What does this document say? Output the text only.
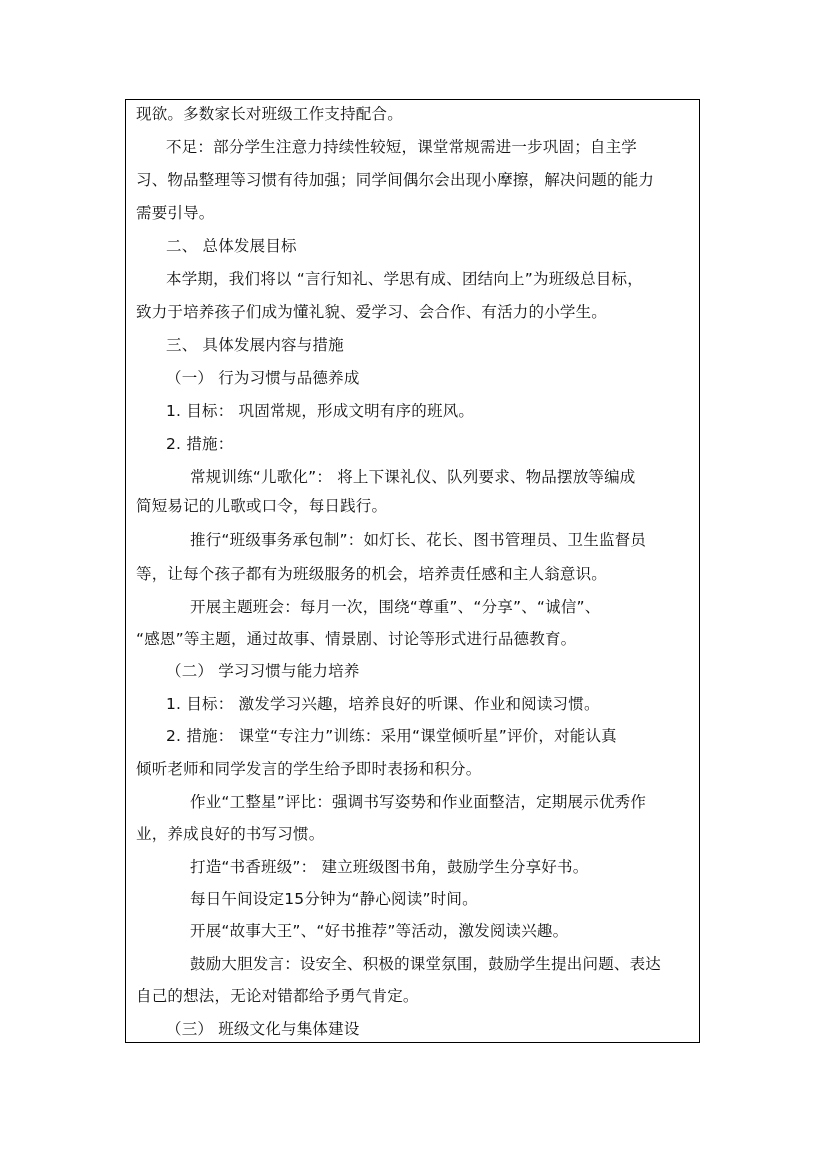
现欲。多数家长对班级工作支持配合。
不足：部分学生注意力持续性较短，课堂常规需进一步巩固；自主学
习、物品整理等习惯有待加强；同学间偶尔会出现小摩擦，解决问题的能力
需要引导。
二、 总体发展目标
本学期，我们将以 “言行知礼、学思有成、团结向上”为班级总目标，
致力于培养孩子们成为懂礼貌、爱学习、会合作、有活力的小学生。
三、 具体发展内容与措施
（一） 行为习惯与品德养成
1. 目标： 巩固常规，形成文明有序的班风。
2. 措施：
常规训练“儿歌化”： 将上下课礼仪、队列要求、物品摆放等编成
简短易记的儿歌或口令，每日践行。
推行“班级事务承包制”：如灯长、花长、图书管理员、卫生监督员
等，让每个孩子都有为班级服务的机会，培养责任感和主人翁意识。
开展主题班会：每月一次，围绕“尊重”、“分享”、“诚信”、
“感恩”等主题，通过故事、情景剧、讨论等形式进行品德教育。
（二） 学习习惯与能力培养
1. 目标： 激发学习兴趣，培养良好的听课、作业和阅读习惯。
2. 措施： 课堂“专注力”训练：采用“课堂倾听星”评价，对能认真
倾听老师和同学发言的学生给予即时表扬和积分。
作业“工整星”评比：强调书写姿势和作业面整洁，定期展示优秀作
业，养成良好的书写习惯。
打造“书香班级”： 建立班级图书角，鼓励学生分享好书。
每日午间设定15分钟为“静心阅读”时间。
开展“故事大王”、“好书推荐”等活动，激发阅读兴趣。
鼓励大胆发言：设安全、积极的课堂氛围，鼓励学生提出问题、表达
自己的想法，无论对错都给予勇气肯定。
（三） 班级文化与集体建设
